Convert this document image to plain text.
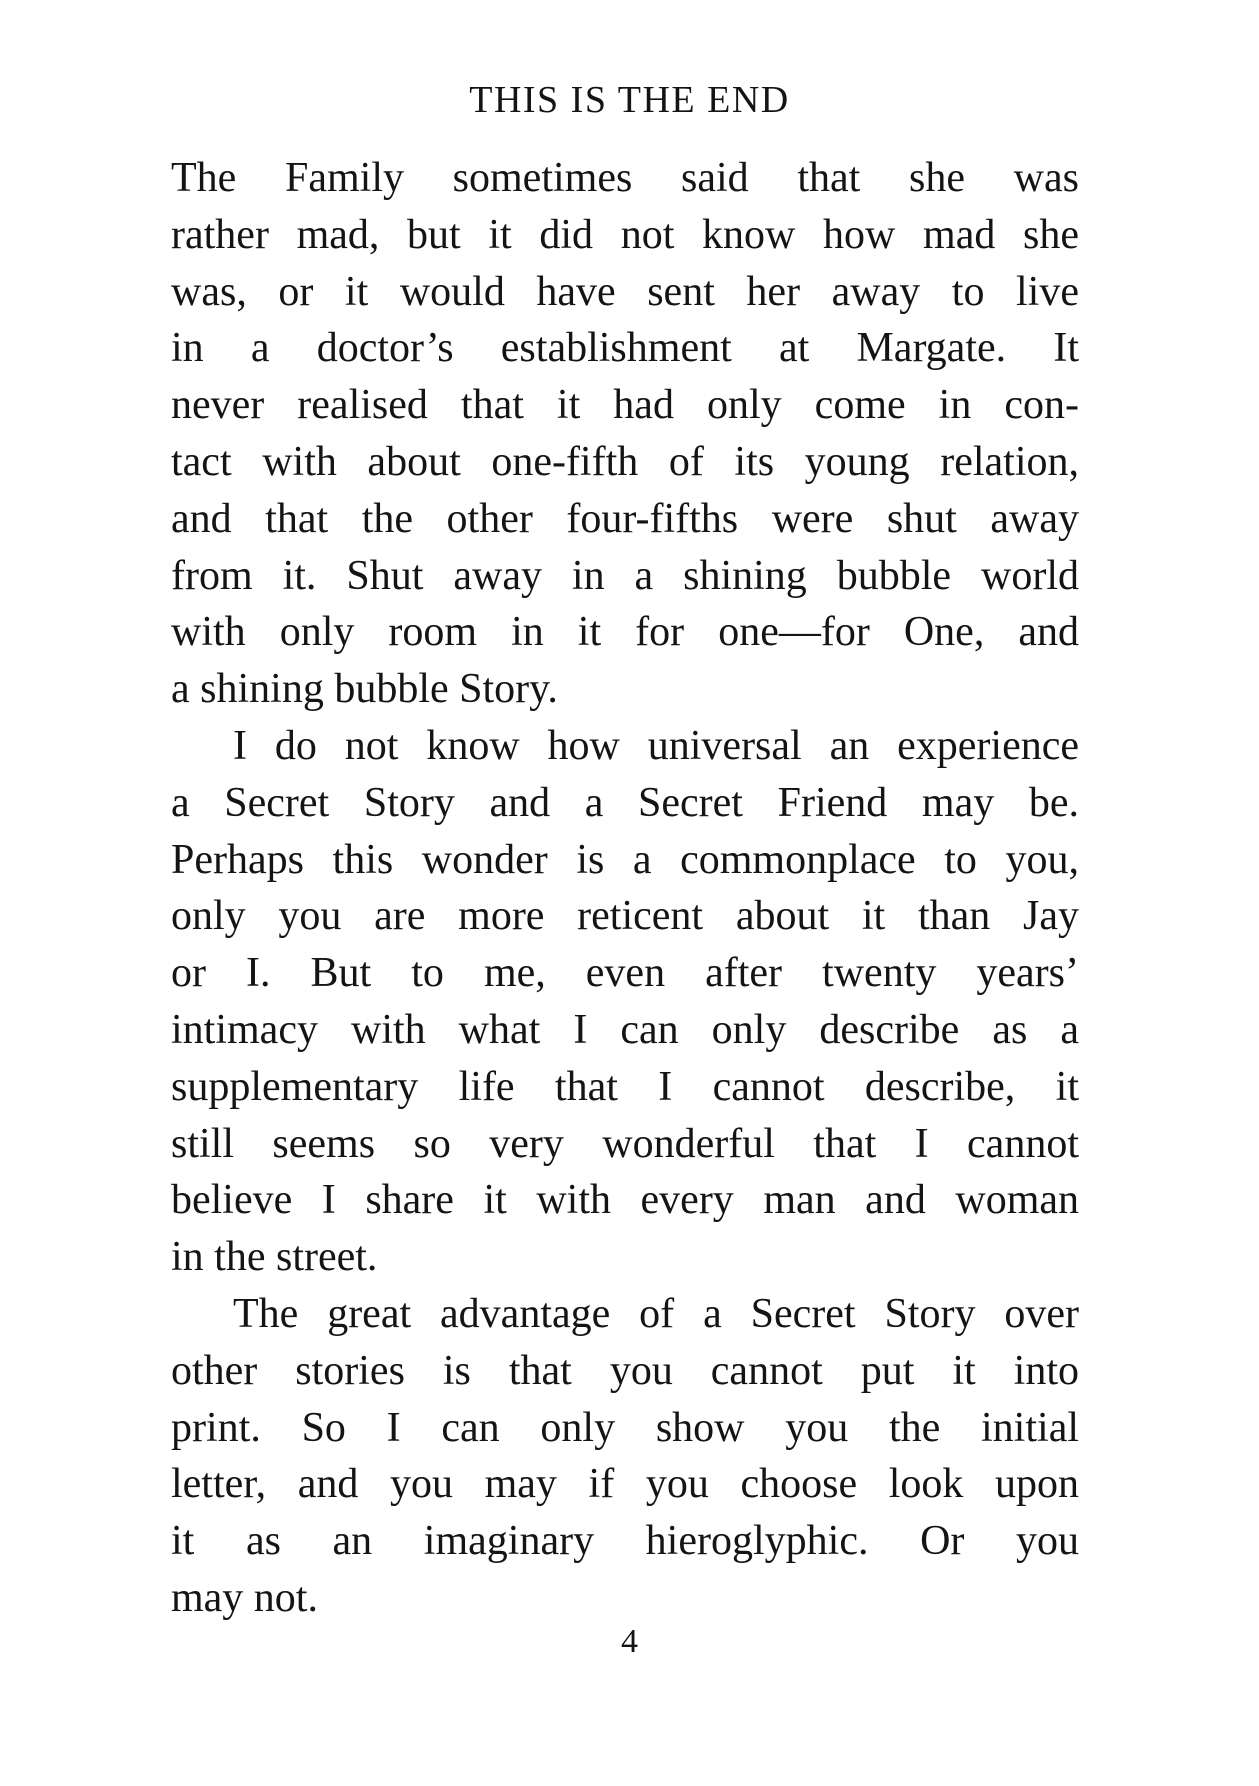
THIS IS THE END
The Family sometimes said that she was
rather mad, but it did not know how mad she
was, or it would have sent her away to live
in a doctor’s establishment at Margate. It
never realised that it had only come in con-
tact with about one-fifth of its young relation,
and that the other four-fifths were shut away
from it. Shut away in a shining bubble world
with only room in it for one—for One, and
a shining bubble Story.
I do not know how universal an experience
a Secret Story and a Secret Friend may be.
Perhaps this wonder is a commonplace to you,
only you are more reticent about it than Jay
or I. But to me, even after twenty years’
intimacy with what I can only describe as a
supplementary life that I cannot describe, it
still seems so very wonderful that I cannot
believe I share it with every man and woman
in the street.
The great advantage of a Secret Story over
other stories is that you cannot put it into
print. So I can only show you the initial
letter, and you may if you choose look upon
it as an imaginary hieroglyphic. Or you
may not.
4
